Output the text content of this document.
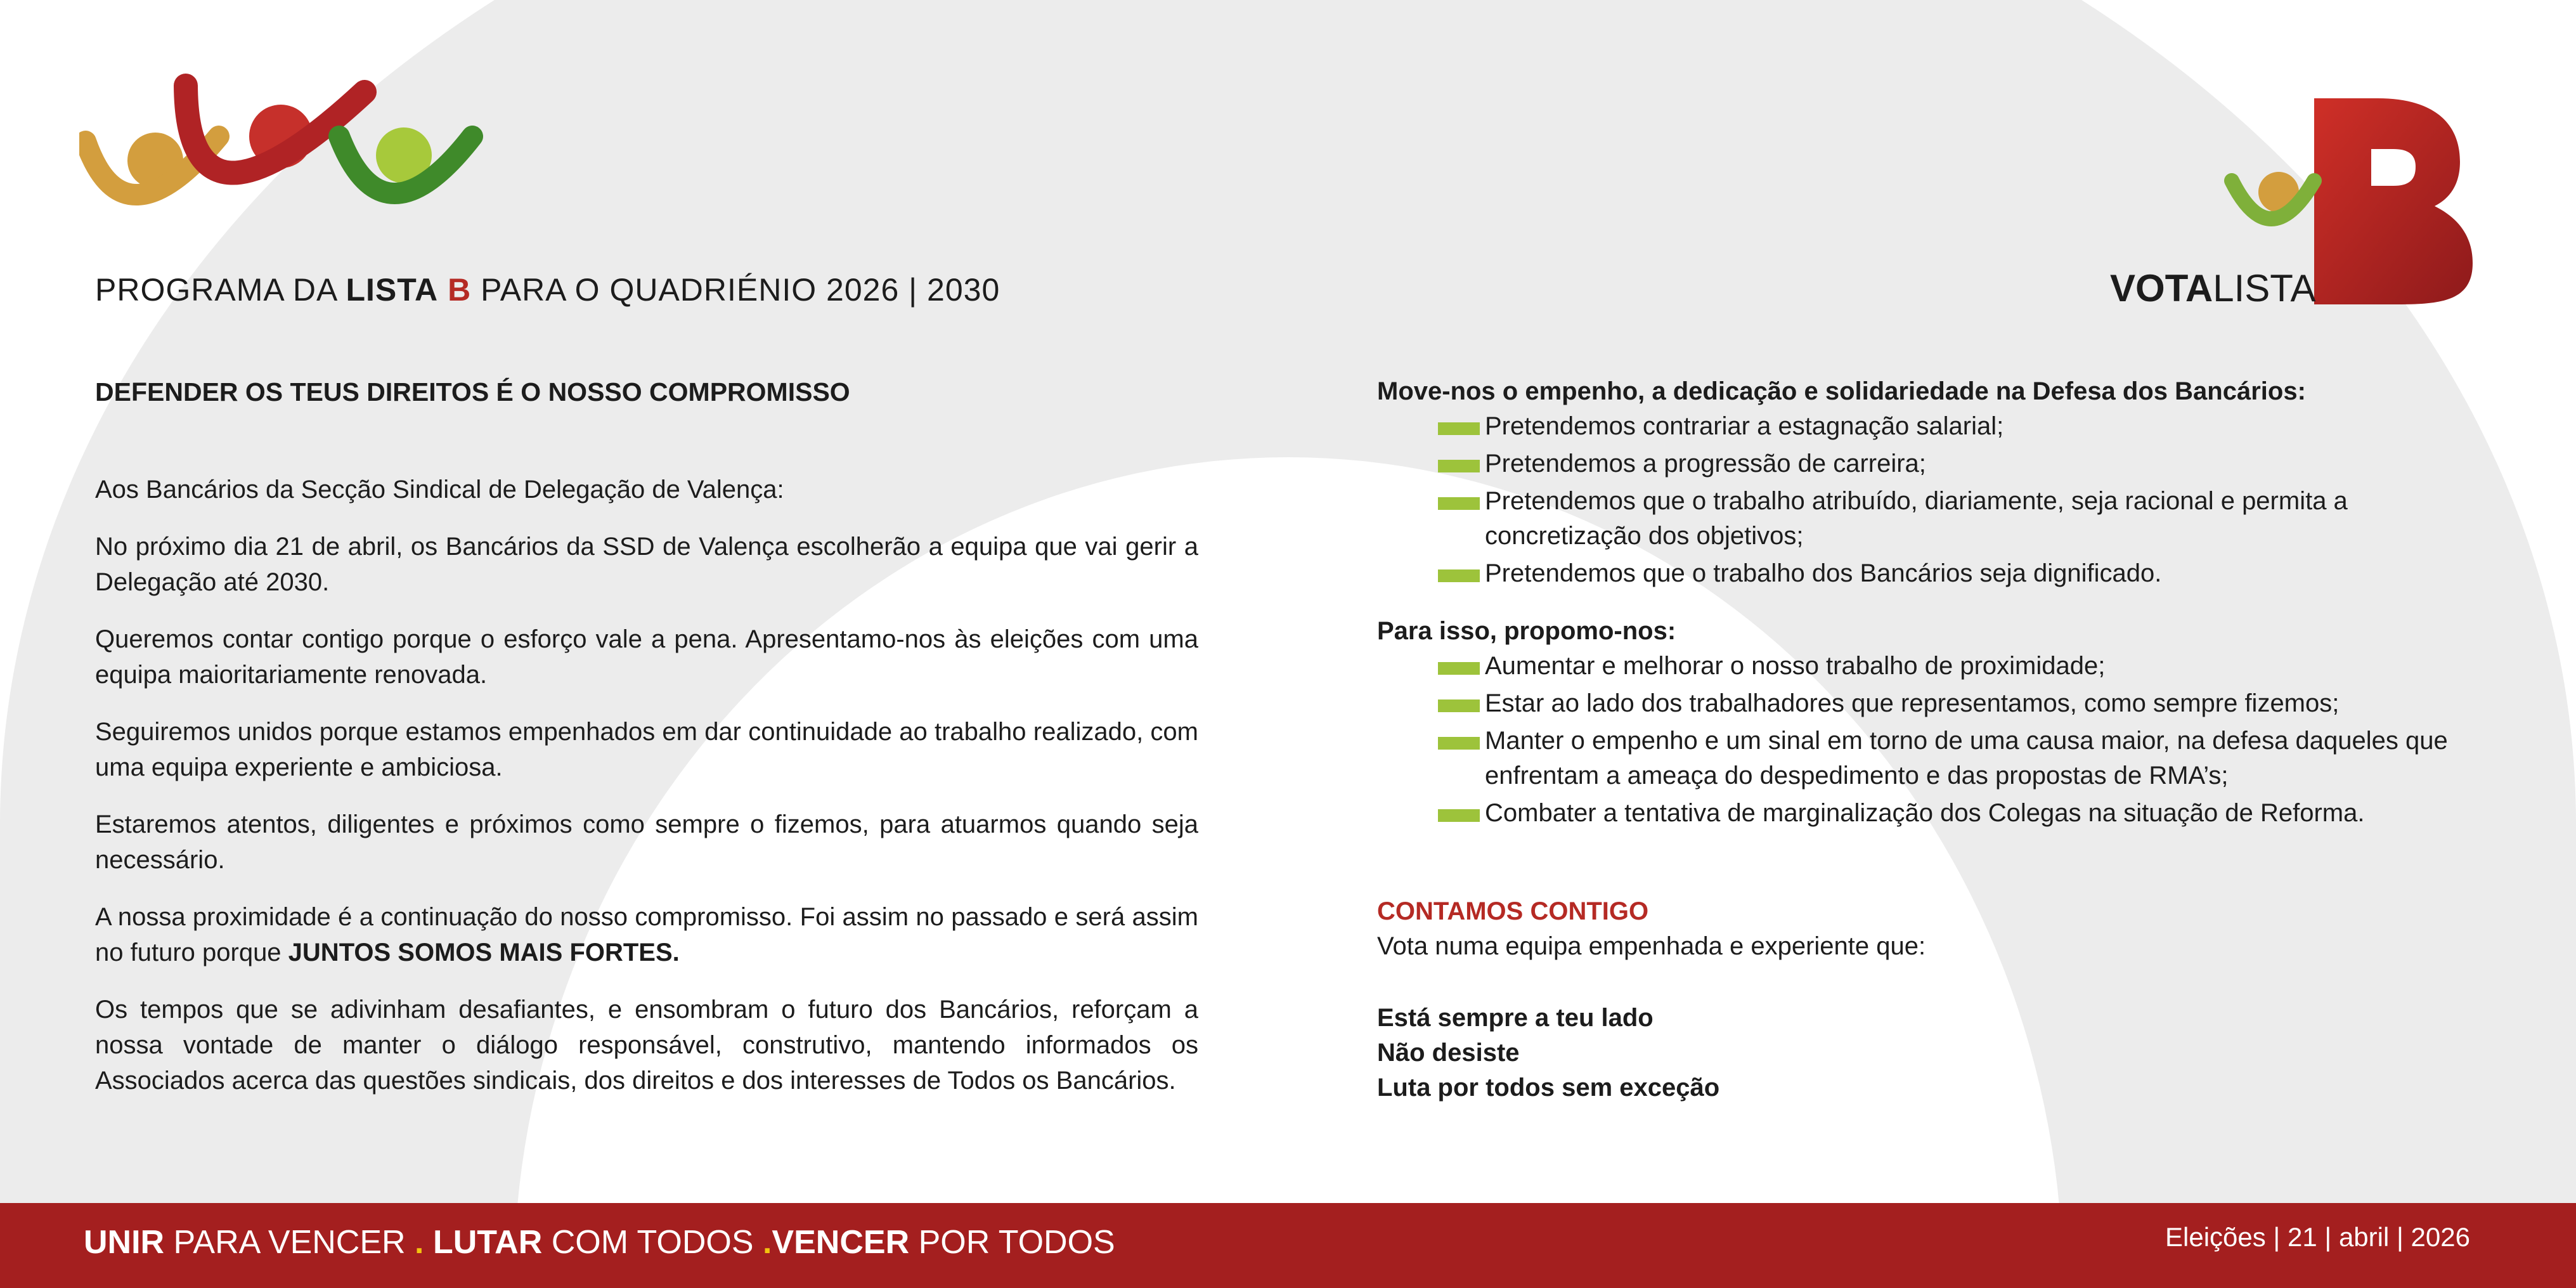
PROGRAMA DA LISTA B PARA O QUADRIÉNIO 2026 | 2030	VOTALISTA
DEFENDER OS TEUS DIREITOS É O NOSSO COMPROMISSO

Aos Bancários da Secção Sindical de Delegação de Valença:

No próximo dia 21 de abril, os Bancários da SSD de Valença escolherão a equipa que vai gerir a Delegação até 2030.

Queremos contar contigo porque o esforço vale a pena. Apresentamo-nos às eleições com uma equipa maioritariamente renovada.

Seguiremos unidos porque estamos empenhados em dar continuidade ao trabalho realizado, com uma equipa experiente e ambiciosa.

Estaremos atentos, diligentes e próximos como sempre o fizemos, para atuarmos quando seja necessário.

A nossa proximidade é a continuação do nosso compromisso. Foi assim no passado e será assim no futuro porque JUNTOS SOMOS MAIS FORTES.

Os tempos que se adivinham desafiantes, e ensombram o futuro dos Bancários, reforçam a nossa vontade de manter o diálogo responsável, construtivo, mantendo informados os Associados acerca das questões sindicais, dos direitos e dos interesses de Todos os Bancários.

Move-nos o empenho, a dedicação e solidariedade na Defesa dos Bancários:

Pretendemos contrariar a estagnação salarial;
Pretendemos a progressão de carreira;
Pretendemos que o trabalho atribuído, diariamente, seja racional e permita a concretização dos objetivos;
Pretendemos que o trabalho dos Bancários seja dignificado.

Para isso, propomo-nos:

Aumentar e melhorar o nosso trabalho de proximidade;
Estar ao lado dos trabalhadores que representamos, como sempre fizemos;
Manter o empenho e um sinal em torno de uma causa maior, na defesa daqueles que enfrentam a ameaça do despedimento e das propostas de RMA’s;
Combater a tentativa de marginalização dos Colegas na situação de Reforma.

CONTAMOS CONTIGO

Vota numa equipa empenhada e experiente que:

Está sempre a teu lado

Não desiste

Luta por todos sem exceção

UNIR PARA VENCER . LUTAR COM TODOS .VENCER POR TODOS	Eleições | 21 | abril | 2026
